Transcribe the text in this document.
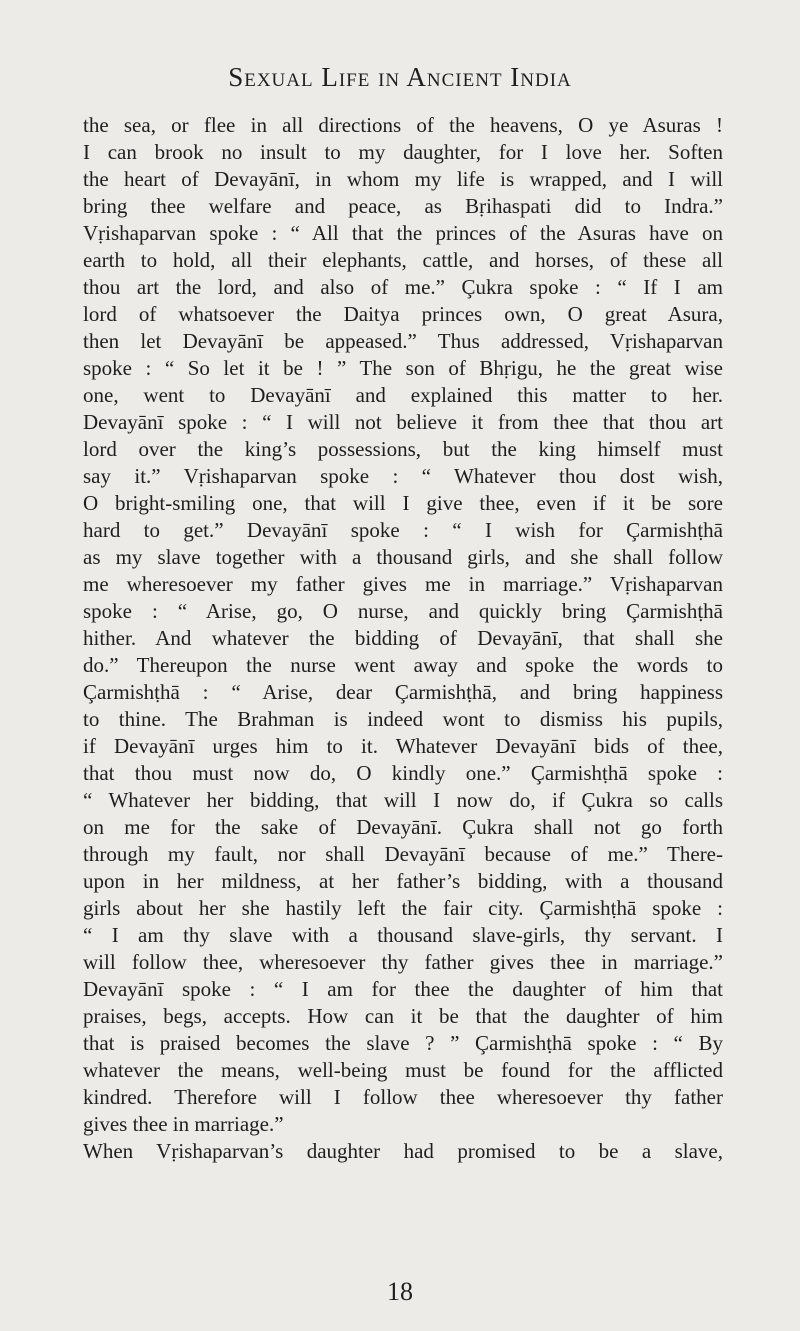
Sexual Life in Ancient India
the sea, or flee in all directions of the heavens, O ye Asuras !
I can brook no insult to my daughter, for I love her. Soften
the heart of Devayānī, in whom my life is wrapped, and I will
bring thee welfare and peace, as Bṛihaspati did to Indra.”
Vṛishaparvan spoke : “ All that the princes of the Asuras have on
earth to hold, all their elephants, cattle, and horses, of these all
thou art the lord, and also of me.” Çukra spoke : “ If I am
lord of whatsoever the Daitya princes own, O great Asura,
then let Devayānī be appeased.” Thus addressed, Vṛishaparvan
spoke : “ So let it be ! ” The son of Bhṛigu, he the great wise
one, went to Devayānī and explained this matter to her.
Devayānī spoke : “ I will not believe it from thee that thou art
lord over the king’s possessions, but the king himself must
say it.” Vṛishaparvan spoke : “ Whatever thou dost wish,
O bright-smiling one, that will I give thee, even if it be sore
hard to get.” Devayānī spoke : “ I wish for Çarmishṭhā
as my slave together with a thousand girls, and she shall follow
me wheresoever my father gives me in marriage.” Vṛishaparvan
spoke : “ Arise, go, O nurse, and quickly bring Çarmishṭhā
hither. And whatever the bidding of Devayānī, that shall she
do.” Thereupon the nurse went away and spoke the words to
Çarmishṭhā : “ Arise, dear Çarmishṭhā, and bring happiness
to thine. The Brahman is indeed wont to dismiss his pupils,
if Devayānī urges him to it. Whatever Devayānī bids of thee,
that thou must now do, O kindly one.” Çarmishṭhā spoke :
“ Whatever her bidding, that will I now do, if Çukra so calls
on me for the sake of Devayānī. Çukra shall not go forth
through my fault, nor shall Devayānī because of me.” There-
upon in her mildness, at her father’s bidding, with a thousand
girls about her she hastily left the fair city. Çarmishṭhā spoke :
“ I am thy slave with a thousand slave-girls, thy servant. I
will follow thee, wheresoever thy father gives thee in marriage.”
Devayānī spoke : “ I am for thee the daughter of him that
praises, begs, accepts. How can it be that the daughter of him
that is praised becomes the slave ? ” Çarmishṭhā spoke : “ By
whatever the means, well-being must be found for the afflicted
kindred. Therefore will I follow thee wheresoever thy father
gives thee in marriage.”
When Vṛishaparvan’s daughter had promised to be a slave,
18
